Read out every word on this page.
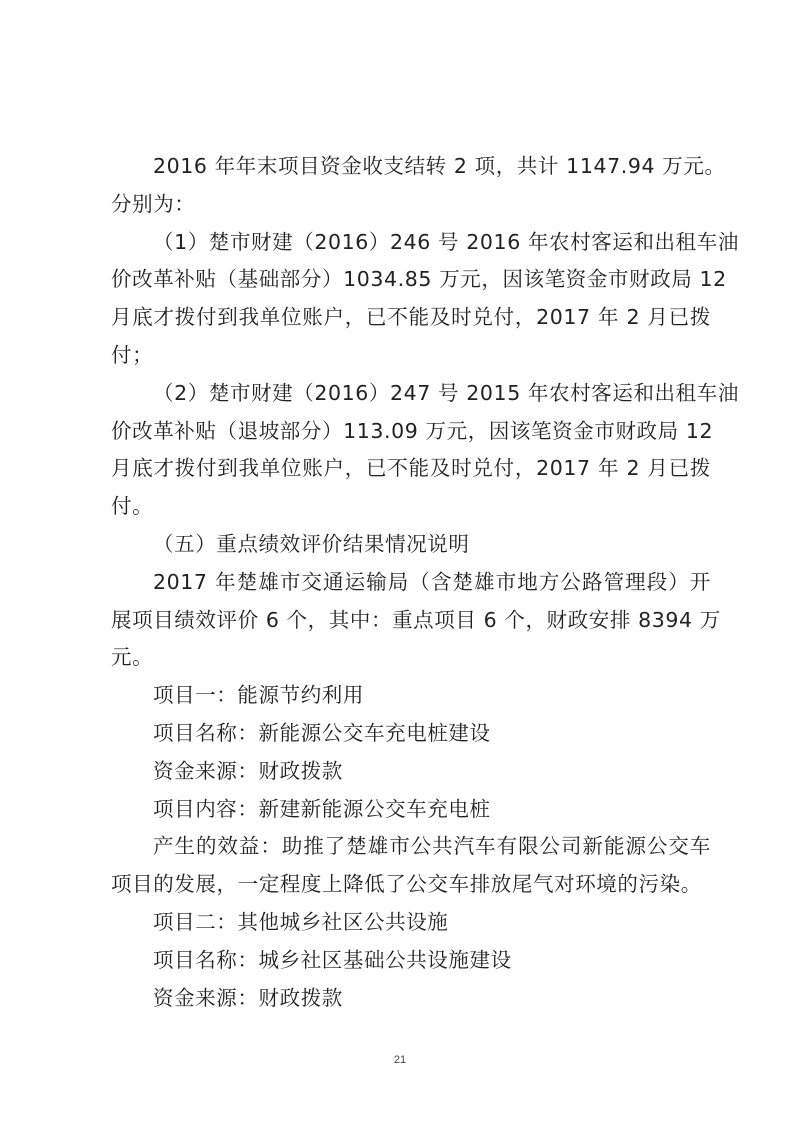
2016 年年末项目资金收支结转 2 项，共计 1147.94 万元。
分别为：
（1）楚市财建（2016）246 号 2016 年农村客运和出租车油
价改革补贴（基础部分）1034.85 万元，因该笔资金市财政局 12
月底才拨付到我单位账户，已不能及时兑付，2017 年 2 月已拨
付；
（2）楚市财建（2016）247 号 2015 年农村客运和出租车油
价改革补贴（退坡部分）113.09 万元，因该笔资金市财政局 12
月底才拨付到我单位账户，已不能及时兑付，2017 年 2 月已拨
付。
（五）重点绩效评价结果情况说明
2017 年楚雄市交通运输局（含楚雄市地方公路管理段）开
展项目绩效评价 6 个，其中：重点项目 6 个，财政安排 8394 万
元。
项目一：能源节约利用
项目名称：新能源公交车充电桩建设
资金来源：财政拨款
项目内容：新建新能源公交车充电桩
产生的效益：助推了楚雄市公共汽车有限公司新能源公交车
项目的发展，一定程度上降低了公交车排放尾气对环境的污染。
项目二：其他城乡社区公共设施
项目名称：城乡社区基础公共设施建设
资金来源：财政拨款
21
